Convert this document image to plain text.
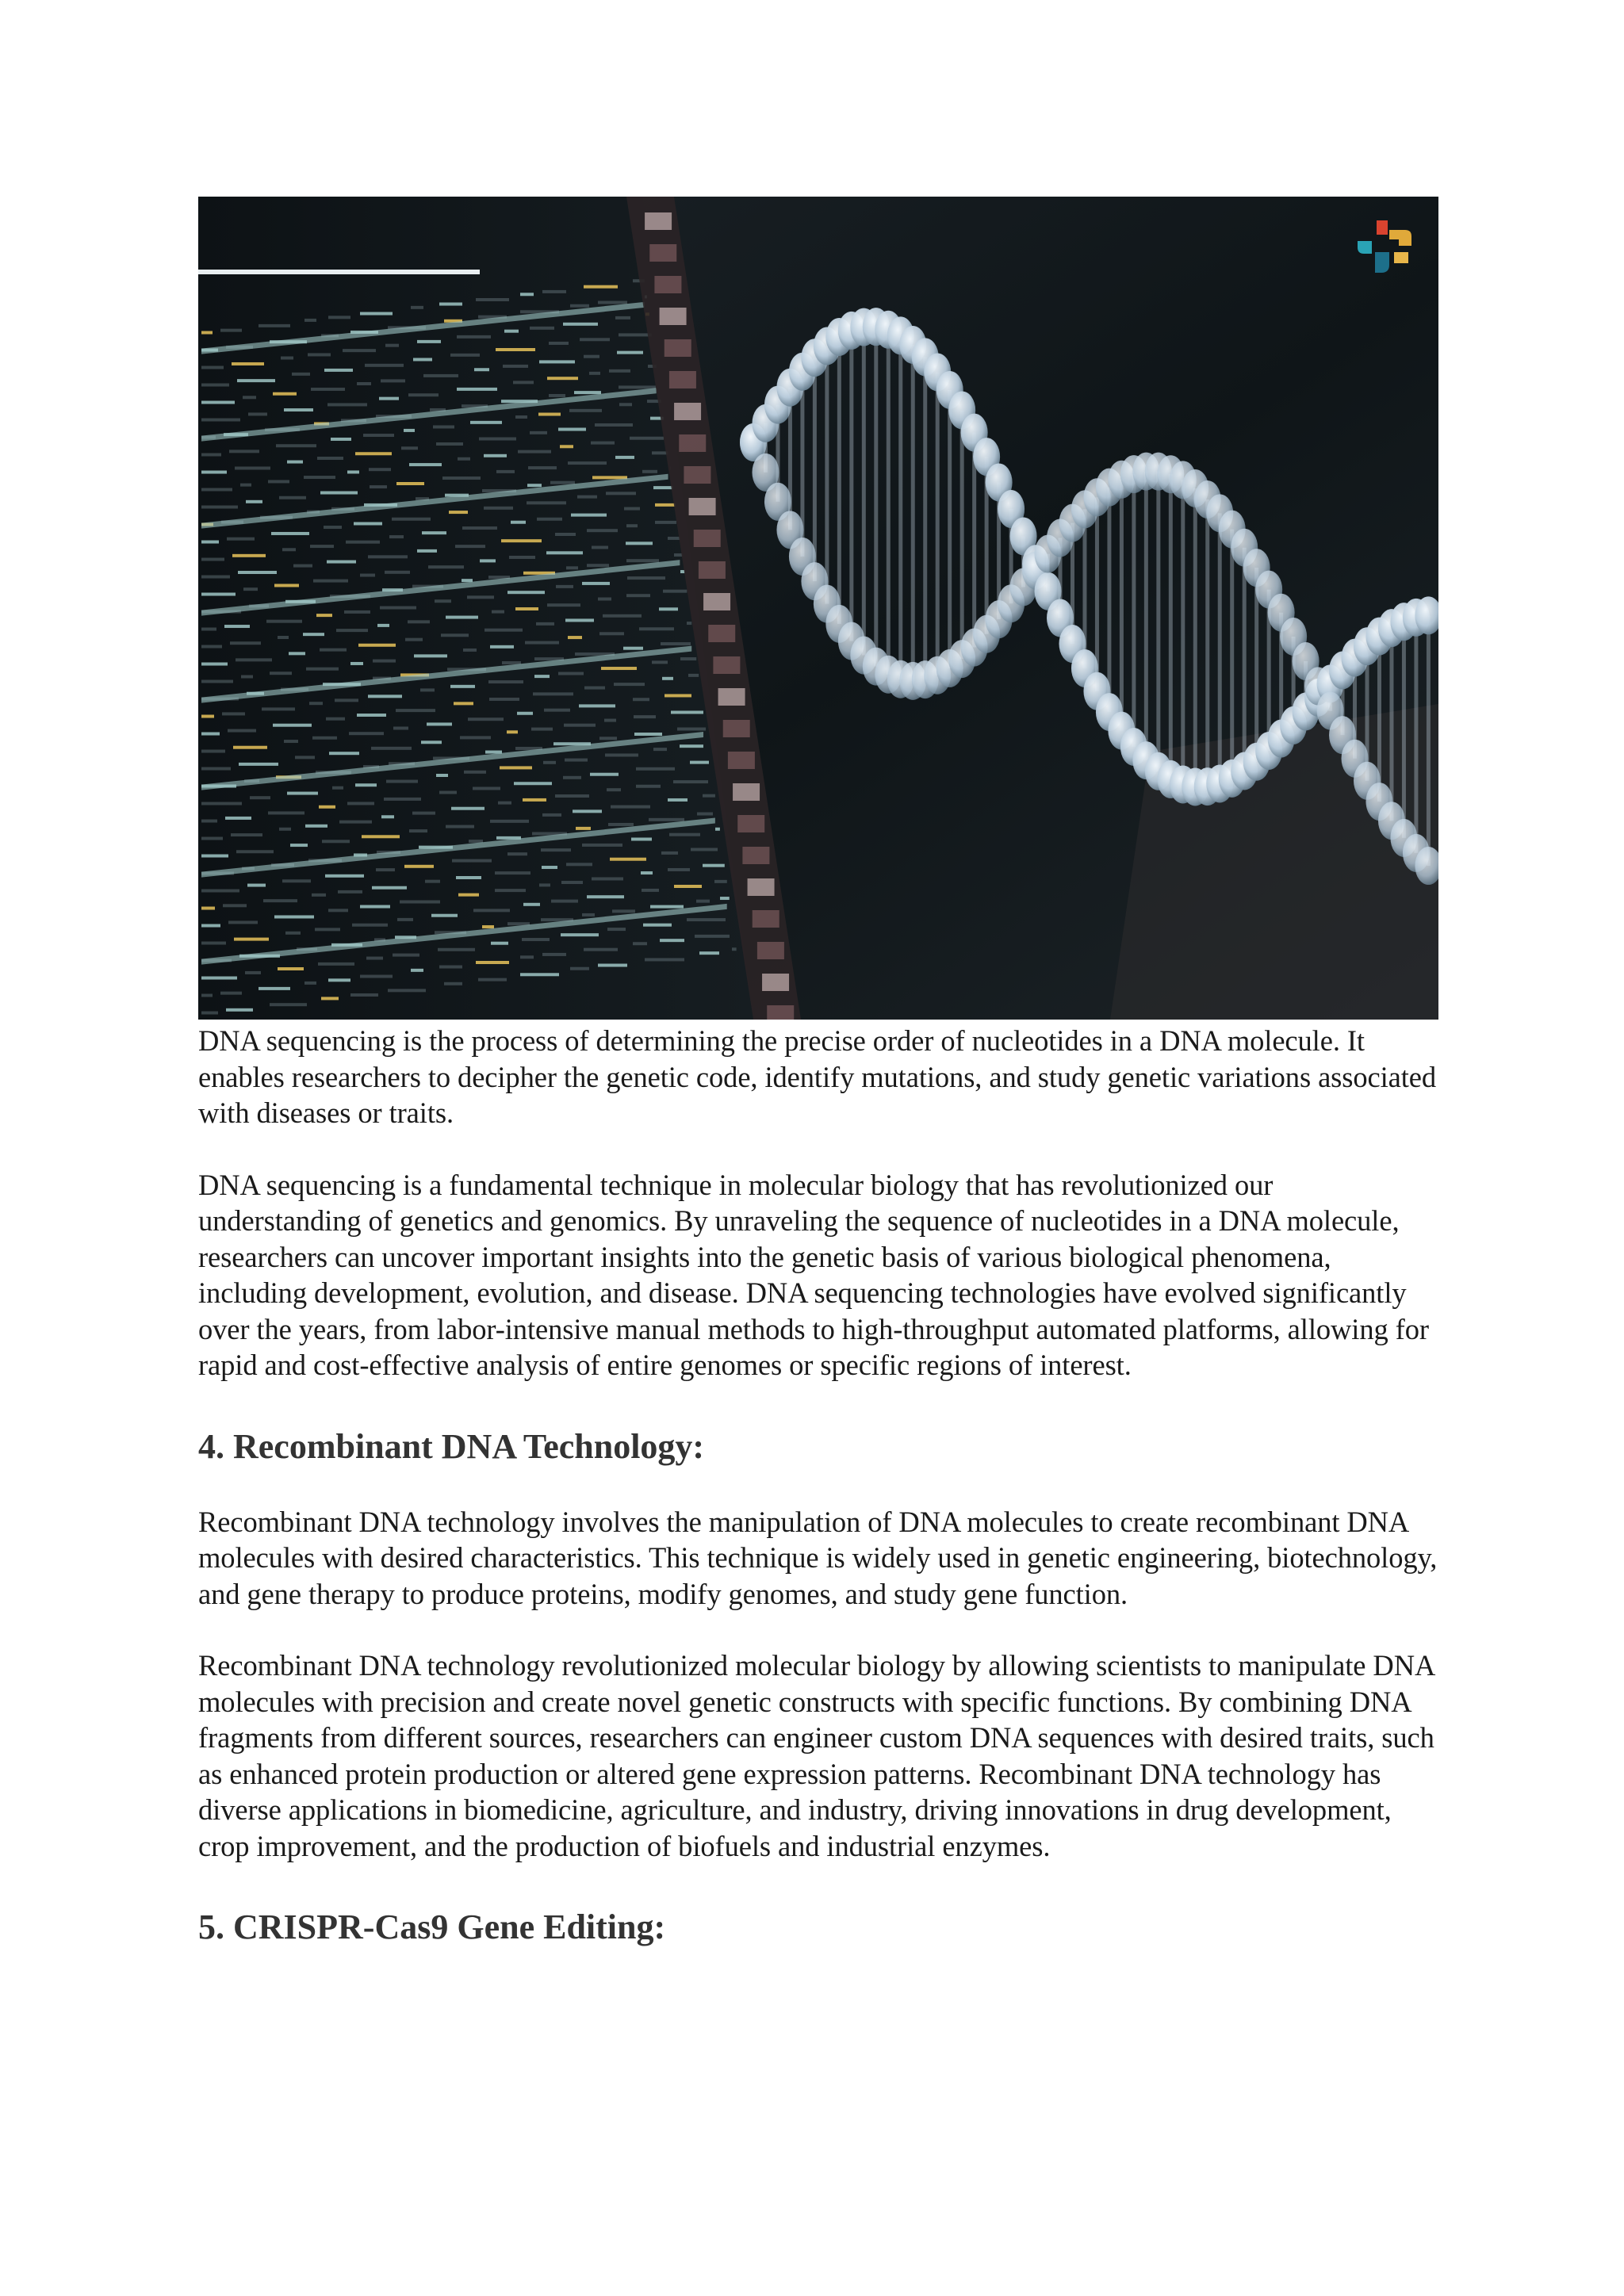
DNA sequencing is the process of determining the precise order of nucleotides in a DNA molecule. It enables researchers to decipher the genetic code, identify mutations, and study genetic variations associated with diseases or traits.

DNA sequencing is a fundamental technique in molecular biology that has revolutionized our understanding of genetics and genomics. By unraveling the sequence of nucleotides in a DNA molecule, researchers can uncover important insights into the genetic basis of various biological phenomena, including development, evolution, and disease. DNA sequencing technologies have evolved significantly over the years, from labor-intensive manual methods to high-throughput automated platforms, allowing for rapid and cost-effective analysis of entire genomes or specific regions of interest.

4. Recombinant DNA Technology:

Recombinant DNA technology involves the manipulation of DNA molecules to create recombinant DNA molecules with desired characteristics. This technique is widely used in genetic engineering, biotechnology, and gene therapy to produce proteins, modify genomes, and study gene function.

Recombinant DNA technology revolutionized molecular biology by allowing scientists to manipulate DNA molecules with precision and create novel genetic constructs with specific functions. By combining DNA fragments from different sources, researchers can engineer custom DNA sequences with desired traits, such as enhanced protein production or altered gene expression patterns. Recombinant DNA technology has diverse applications in biomedicine, agriculture, and industry, driving innovations in drug development, crop improvement, and the production of biofuels and industrial enzymes.

5. CRISPR-Cas9 Gene Editing:
